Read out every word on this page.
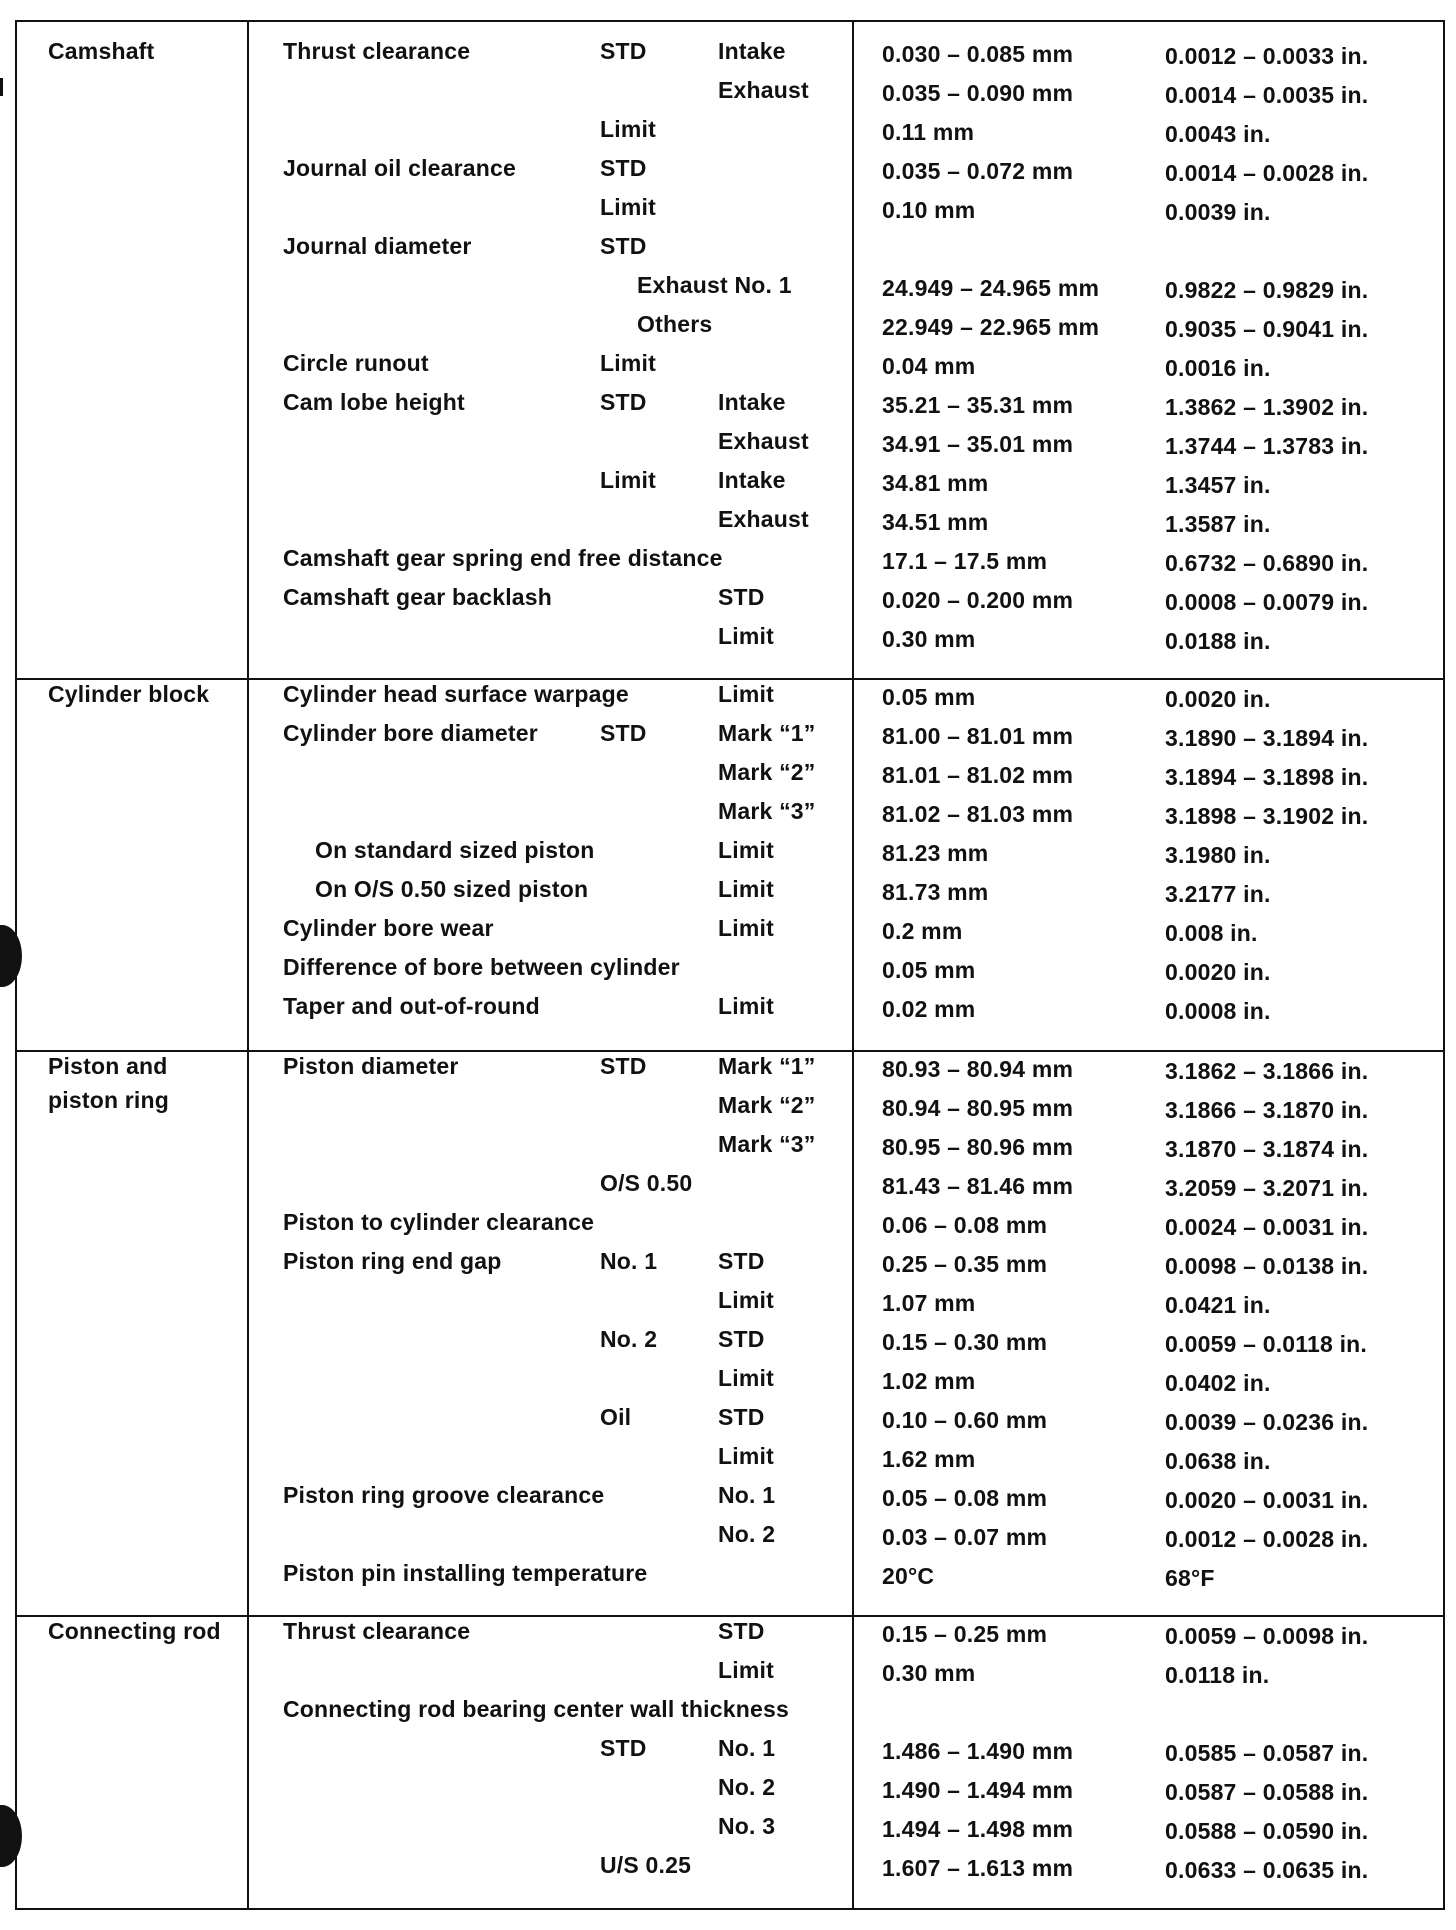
Camshaft	Thrust clearance	STD	Intake	0.030 – 0.085 mm	0.0012 – 0.0033 in.
Exhaust	0.035 – 0.090 mm	0.0014 – 0.0035 in.
Limit	0.11 mm	0.0043 in.
Journal oil clearance	STD	0.035 – 0.072 mm	0.0014 – 0.0028 in.
Limit	0.10 mm	0.0039 in.
Journal diameter	STD
Exhaust No. 1	24.949 – 24.965 mm	0.9822 – 0.9829 in.
Others	22.949 – 22.965 mm	0.9035 – 0.9041 in.
Circle runout	Limit	0.04 mm	0.0016 in.
Cam lobe height	STD	Intake	35.21 – 35.31 mm	1.3862 – 1.3902 in.
Exhaust	34.91 – 35.01 mm	1.3744 – 1.3783 in.
Limit	Intake	34.81 mm	1.3457 in.
Exhaust	34.51 mm	1.3587 in.
Camshaft gear spring end free distance	17.1 – 17.5 mm	0.6732 – 0.6890 in.
Camshaft gear backlash	STD	0.020 – 0.200 mm	0.0008 – 0.0079 in.
Limit	0.30 mm	0.0188 in.
Cylinder block	Cylinder head surface warpage	Limit	0.05 mm	0.0020 in.
Cylinder bore diameter	STD	Mark “1”	81.00 – 81.01 mm	3.1890 – 3.1894 in.
Mark “2”	81.01 – 81.02 mm	3.1894 – 3.1898 in.
Mark “3”	81.02 – 81.03 mm	3.1898 – 3.1902 in.
On standard sized piston	Limit	81.23 mm	3.1980 in.
On O/S 0.50 sized piston	Limit	81.73 mm	3.2177 in.
Cylinder bore wear	Limit	0.2 mm	0.008 in.
Difference of bore between cylinder	0.05 mm	0.0020 in.
Taper and out-of-round	Limit	0.02 mm	0.0008 in.
Piston and
piston ring
Piston diameter	STD	Mark “1”	80.93 – 80.94 mm	3.1862 – 3.1866 in.
Mark “2”	80.94 – 80.95 mm	3.1866 – 3.1870 in.
Mark “3”	80.95 – 80.96 mm	3.1870 – 3.1874 in.
O/S 0.50	81.43 – 81.46 mm	3.2059 – 3.2071 in.
Piston to cylinder clearance	0.06 – 0.08 mm	0.0024 – 0.0031 in.
Piston ring end gap	No. 1	STD	0.25 – 0.35 mm	0.0098 – 0.0138 in.
Limit	1.07 mm	0.0421 in.
No. 2	STD	0.15 – 0.30 mm	0.0059 – 0.0118 in.
Limit	1.02 mm	0.0402 in.
Oil	STD	0.10 – 0.60 mm	0.0039 – 0.0236 in.
Limit	1.62 mm	0.0638 in.
Piston ring groove clearance	No. 1	0.05 – 0.08 mm	0.0020 – 0.0031 in.
No. 2	0.03 – 0.07 mm	0.0012 – 0.0028 in.
Piston pin installing temperature	20°C	68°F
Connecting rod	Thrust clearance	STD	0.15 – 0.25 mm	0.0059 – 0.0098 in.
Limit	0.30 mm	0.0118 in.
Connecting rod bearing center wall thickness
STD	No. 1	1.486 – 1.490 mm	0.0585 – 0.0587 in.
No. 2	1.490 – 1.494 mm	0.0587 – 0.0588 in.
No. 3	1.494 – 1.498 mm	0.0588 – 0.0590 in.
U/S 0.25	1.607 – 1.613 mm	0.0633 – 0.0635 in.
